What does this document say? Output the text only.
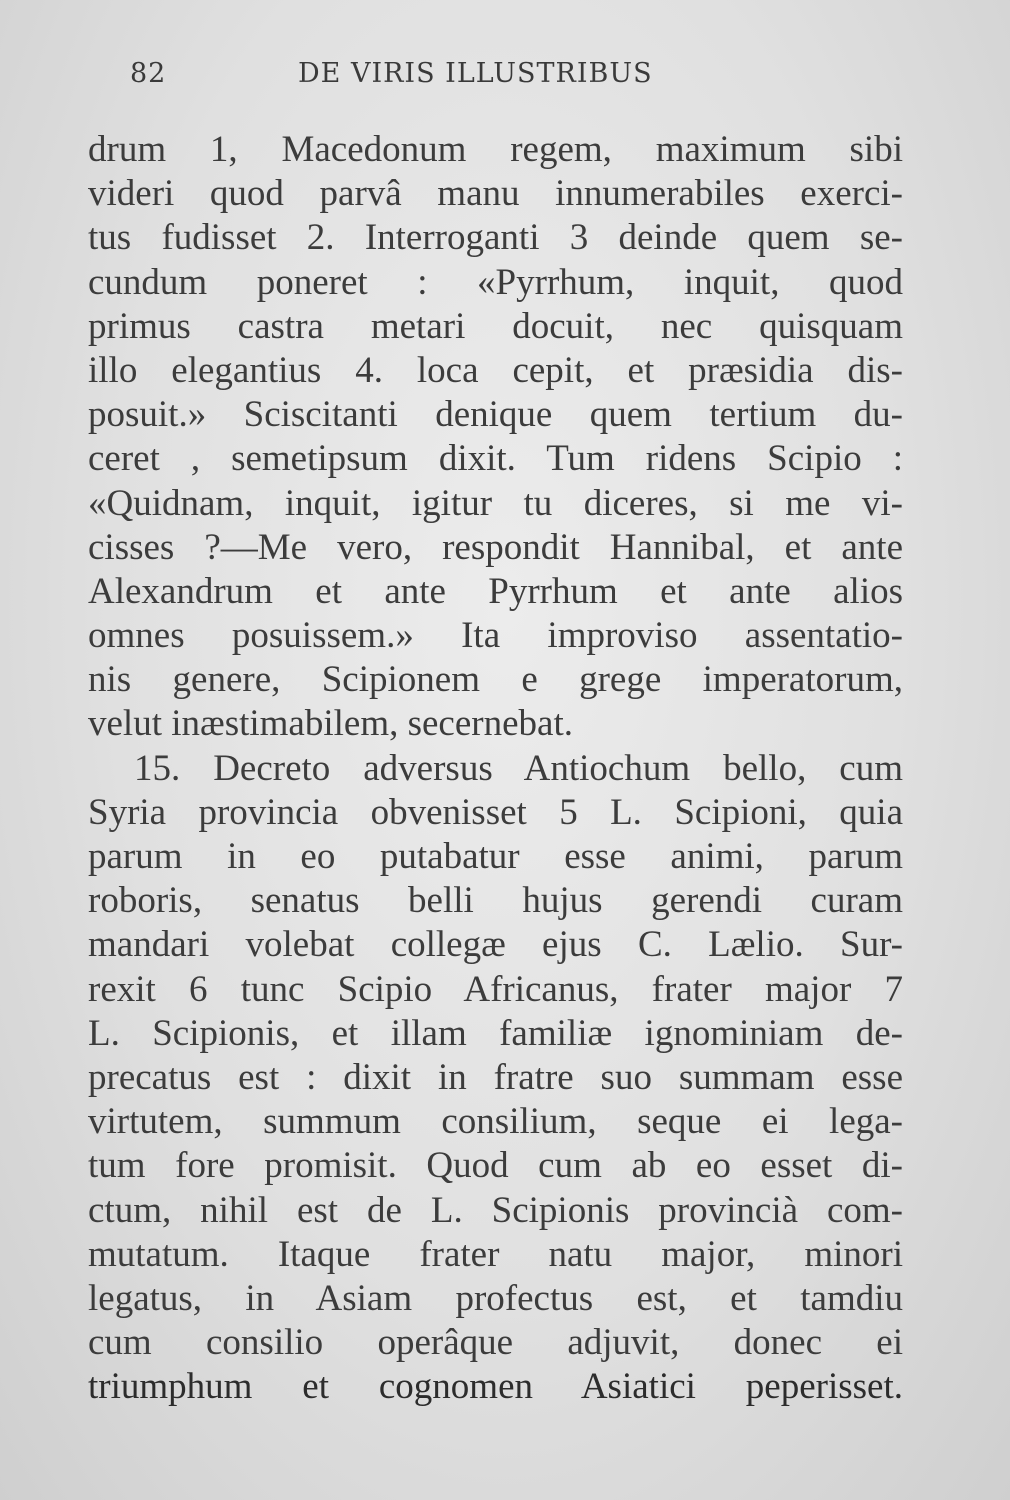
82	DE VIRIS ILLUSTRIBUS
drum 1, Macedonum regem, maximum sibi
videri quod parvâ manu innumerabiles exerci-
tus fudisset 2. Interroganti 3 deinde quem se-
cundum poneret : «Pyrrhum, inquit, quod
primus castra metari docuit, nec quisquam
illo elegantius 4. loca cepit, et præsidia dis-
posuit.» Sciscitanti denique quem tertium du-
ceret , semetipsum dixit. Tum ridens Scipio :
«Quidnam, inquit, igitur tu diceres, si me vi-
cisses ?—Me vero, respondit Hannibal, et ante
Alexandrum et ante Pyrrhum et ante alios
omnes posuissem.» Ita improviso assentatio-
nis genere, Scipionem e grege imperatorum,
velut inæstimabilem, secernebat.
15. Decreto adversus Antiochum bello, cum
Syria provincia obvenisset 5 L. Scipioni, quia
parum in eo putabatur esse animi, parum
roboris, senatus belli hujus gerendi curam
mandari volebat collegæ ejus C. Lælio. Sur-
rexit 6 tunc Scipio Africanus, frater major 7
L. Scipionis, et illam familiæ ignominiam de-
precatus est : dixit in fratre suo summam esse
virtutem, summum consilium, seque ei lega-
tum fore promisit. Quod cum ab eo esset di-
ctum, nihil est de L. Scipionis provincià com-
mutatum. Itaque frater natu major, minori
legatus, in Asiam profectus est, et tamdiu
cum consilio operâque adjuvit, donec ei
triumphum et cognomen Asiatici peperisset.
